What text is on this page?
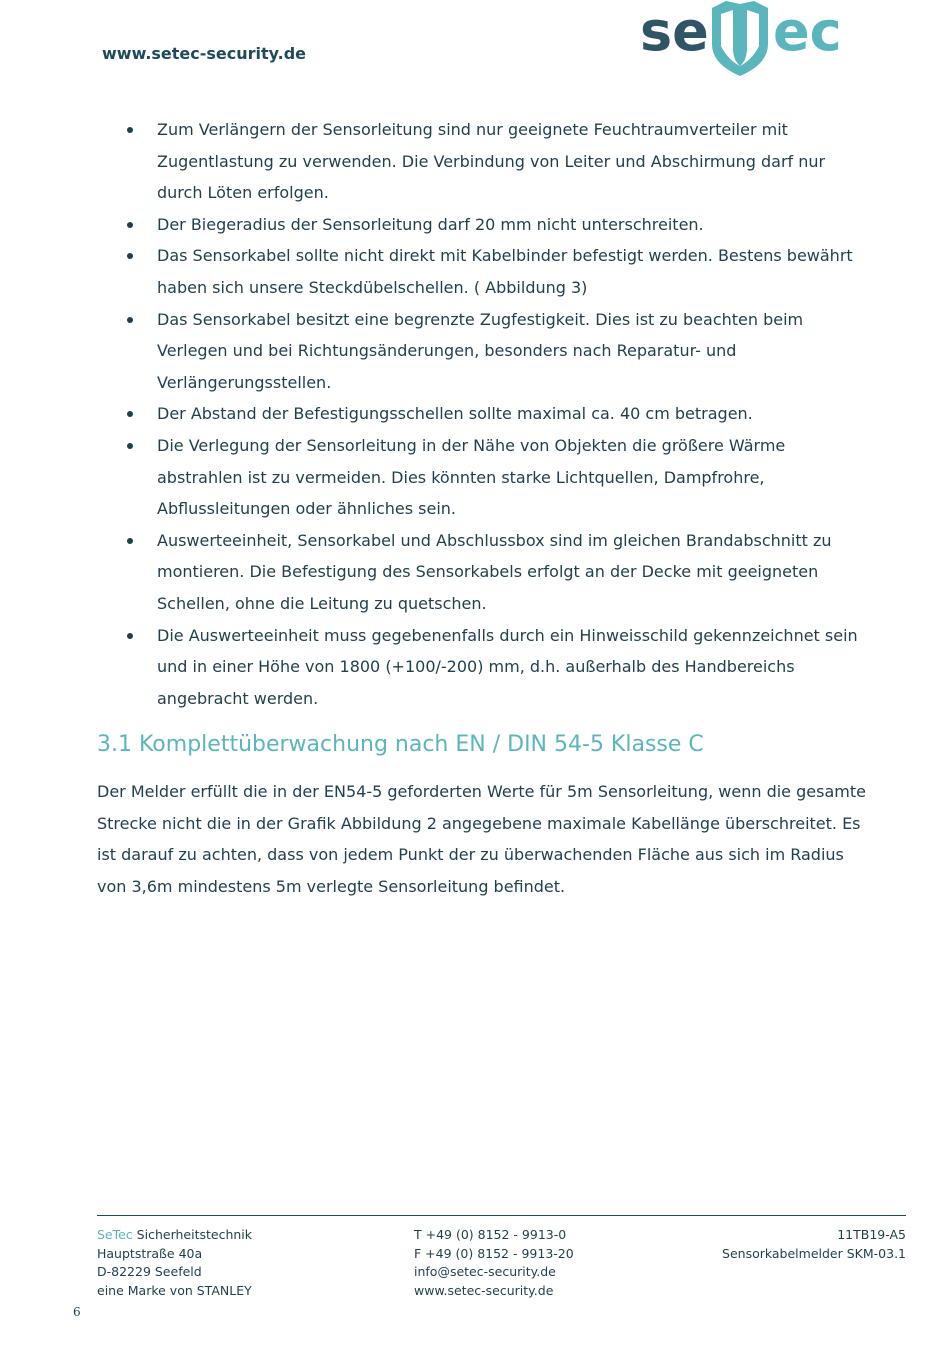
www.setec-security.de	se ec
Zum Verlängern der Sensorleitung sind nur geeignete Feuchtraumverteiler mit Zugentlastung zu verwenden. Die Verbindung von Leiter und Abschirmung darf nur durch Löten erfolgen.
Der Biegeradius der Sensorleitung darf 20 mm nicht unterschreiten.
Das Sensorkabel sollte nicht direkt mit Kabelbinder befestigt werden. Bestens bewährt haben sich unsere Steckdübelschellen. ( Abbildung 3)
Das Sensorkabel besitzt eine begrenzte Zugfestigkeit. Dies ist zu beachten beim Verlegen und bei Richtungsänderungen, besonders nach Reparatur- und Verlängerungsstellen.
Der Abstand der Befestigungsschellen sollte maximal ca. 40 cm betragen.
Die Verlegung der Sensorleitung in der Nähe von Objekten die größere Wärme abstrahlen ist zu vermeiden. Dies könnten starke Lichtquellen, Dampfrohre, Abflussleitungen oder ähnliches sein.
Auswerteeinheit, Sensorkabel und Abschlussbox sind im gleichen Brandabschnitt zu montieren. Die Befestigung des Sensorkabels erfolgt an der Decke mit geeigneten Schellen, ohne die Leitung zu quetschen.
Die Auswerteeinheit muss gegebenenfalls durch ein Hinweisschild gekennzeichnet sein und in einer Höhe von 1800 (+100/-200) mm, d.h. außerhalb des Handbereichs angebracht werden.
3.1 Komplettüberwachung nach EN / DIN 54-5 Klasse C

Der Melder erfüllt die in der EN54-5 geforderten Werte für 5m Sensorleitung, wenn die gesamte Strecke nicht die in der Grafik Abbildung 2 angegebene maximale Kabellänge überschreitet. Es ist darauf zu achten, dass von jedem Punkt der zu überwachenden Fläche aus sich im Radius von 3,6m mindestens 5m verlegte Sensorleitung befindet.

SeTec Sicherheitstechnik
Hauptstraße 40a
D-82229 Seefeld
eine Marke von STANLEY
T +49 (0) 8152 - 9913-0
F +49 (0) 8152 - 9913-20
info@setec-security.de
www.setec-security.de
11TB19-A5
Sensorkabelmelder SKM-03.1
6
